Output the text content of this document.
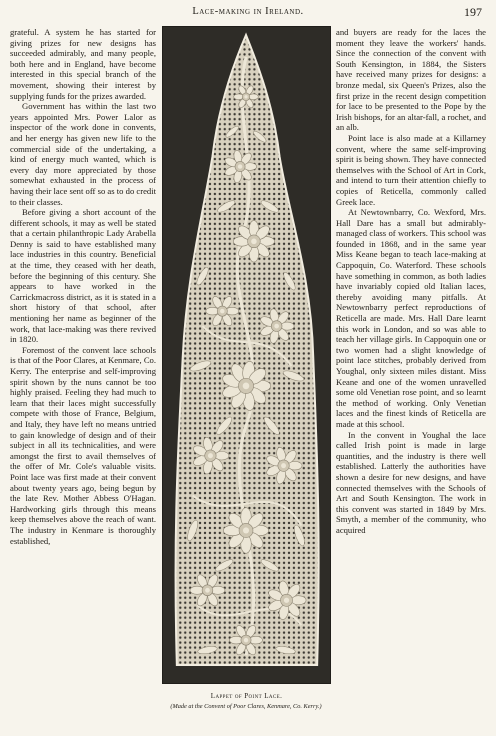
Lace-making in Ireland.	197

grateful. A system he has started for giving prizes for new designs has succeeded admirably, and many people, both here and in England, have become interested in this special branch of the movement, showing their interest by supplying funds for the prizes awarded.

Government has within the last two years appointed Mrs. Power Lalor as inspector of the work done in convents, and her energy has given new life to the commercial side of the undertaking, a kind of energy much wanted, which is every day more appreciated by those somewhat exhausted in the process of having their lace sent off so as to do credit to their classes.

Before giving a short account of the different schools, it may as well be stated that a certain philanthropic Lady Arabella Denny is said to have established many lace industries in this country. Beneficial at the time, they ceased with her death, before the beginning of this century. She appears to have worked in the Carrickmacross district, as it is stated in a short history of that school, after mentioning her name as beginner of the work, that lace-making was there revived in 1820.

Foremost of the convent lace schools is that of the Poor Clares, at Kenmare, Co. Kerry. The enterprise and self-improving spirit shown by the nuns cannot be too highly praised. Feeling they had much to learn that their laces might successfully compete with those of France, Belgium, and Italy, they have left no means untried to gain knowledge of design and of their subject in all its technicalities, and were amongst the first to avail themselves of the offer of Mr. Cole's valuable visits. Point lace was first made at their convent about twenty years ago, being begun by the late Rev. Mother Abbess O'Hagan. Hardworking girls through this means keep themselves above the reach of want. The industry in Kenmare is thoroughly established,

and buyers are ready for the laces the moment they leave the workers' hands. Since the connection of the convent with South Kensington, in 1884, the Sisters have received many prizes for designs: a bronze medal, six Queen's Prizes, also the first prize in the recent design competition for lace to be presented to the Pope by the Irish bishops, for an altar-fall, a rochet, and an alb.

Point lace is also made at a Killarney convent, where the same self-improving spirit is being shown. They have connected themselves with the School of Art in Cork, and intend to turn their attention chiefly to copies of Reticella, commonly called Greek lace.

At Newtownbarry, Co. Wexford, Mrs. Hall Dare has a small but admirably-managed class of workers. This school was founded in 1868, and in the same year Miss Keane began to teach lace-making at Cappoquin, Co. Waterford. These schools have something in common, as both ladies have invariably copied old Italian laces, thereby avoiding many pitfalls. At Newtownbarry perfect reproductions of Reticella are made. Mrs. Hall Dare learnt this work in London, and so was able to teach her village girls. In Cappoquin one or two women had a slight knowledge of point lace stitches, probably derived from Youghal, only sixteen miles distant. Miss Keane and one of the women unravelled some old Venetian rose point, and so learnt the method of working. Only Venetian laces and the finest kinds of Reticella are made at this school.

In the convent in Youghal the lace called Irish point is made in large quantities, and the industry is there well established. Latterly the authorities have shown a desire for new designs, and have connected themselves with the Schools of Art and South Kensington. The work in this convent was started in 1849 by Mrs. Smyth, a member of the community, who acquired

Lappet of Point Lace.
(Made at the Convent of Poor Clares, Kenmare, Co. Kerry.)
